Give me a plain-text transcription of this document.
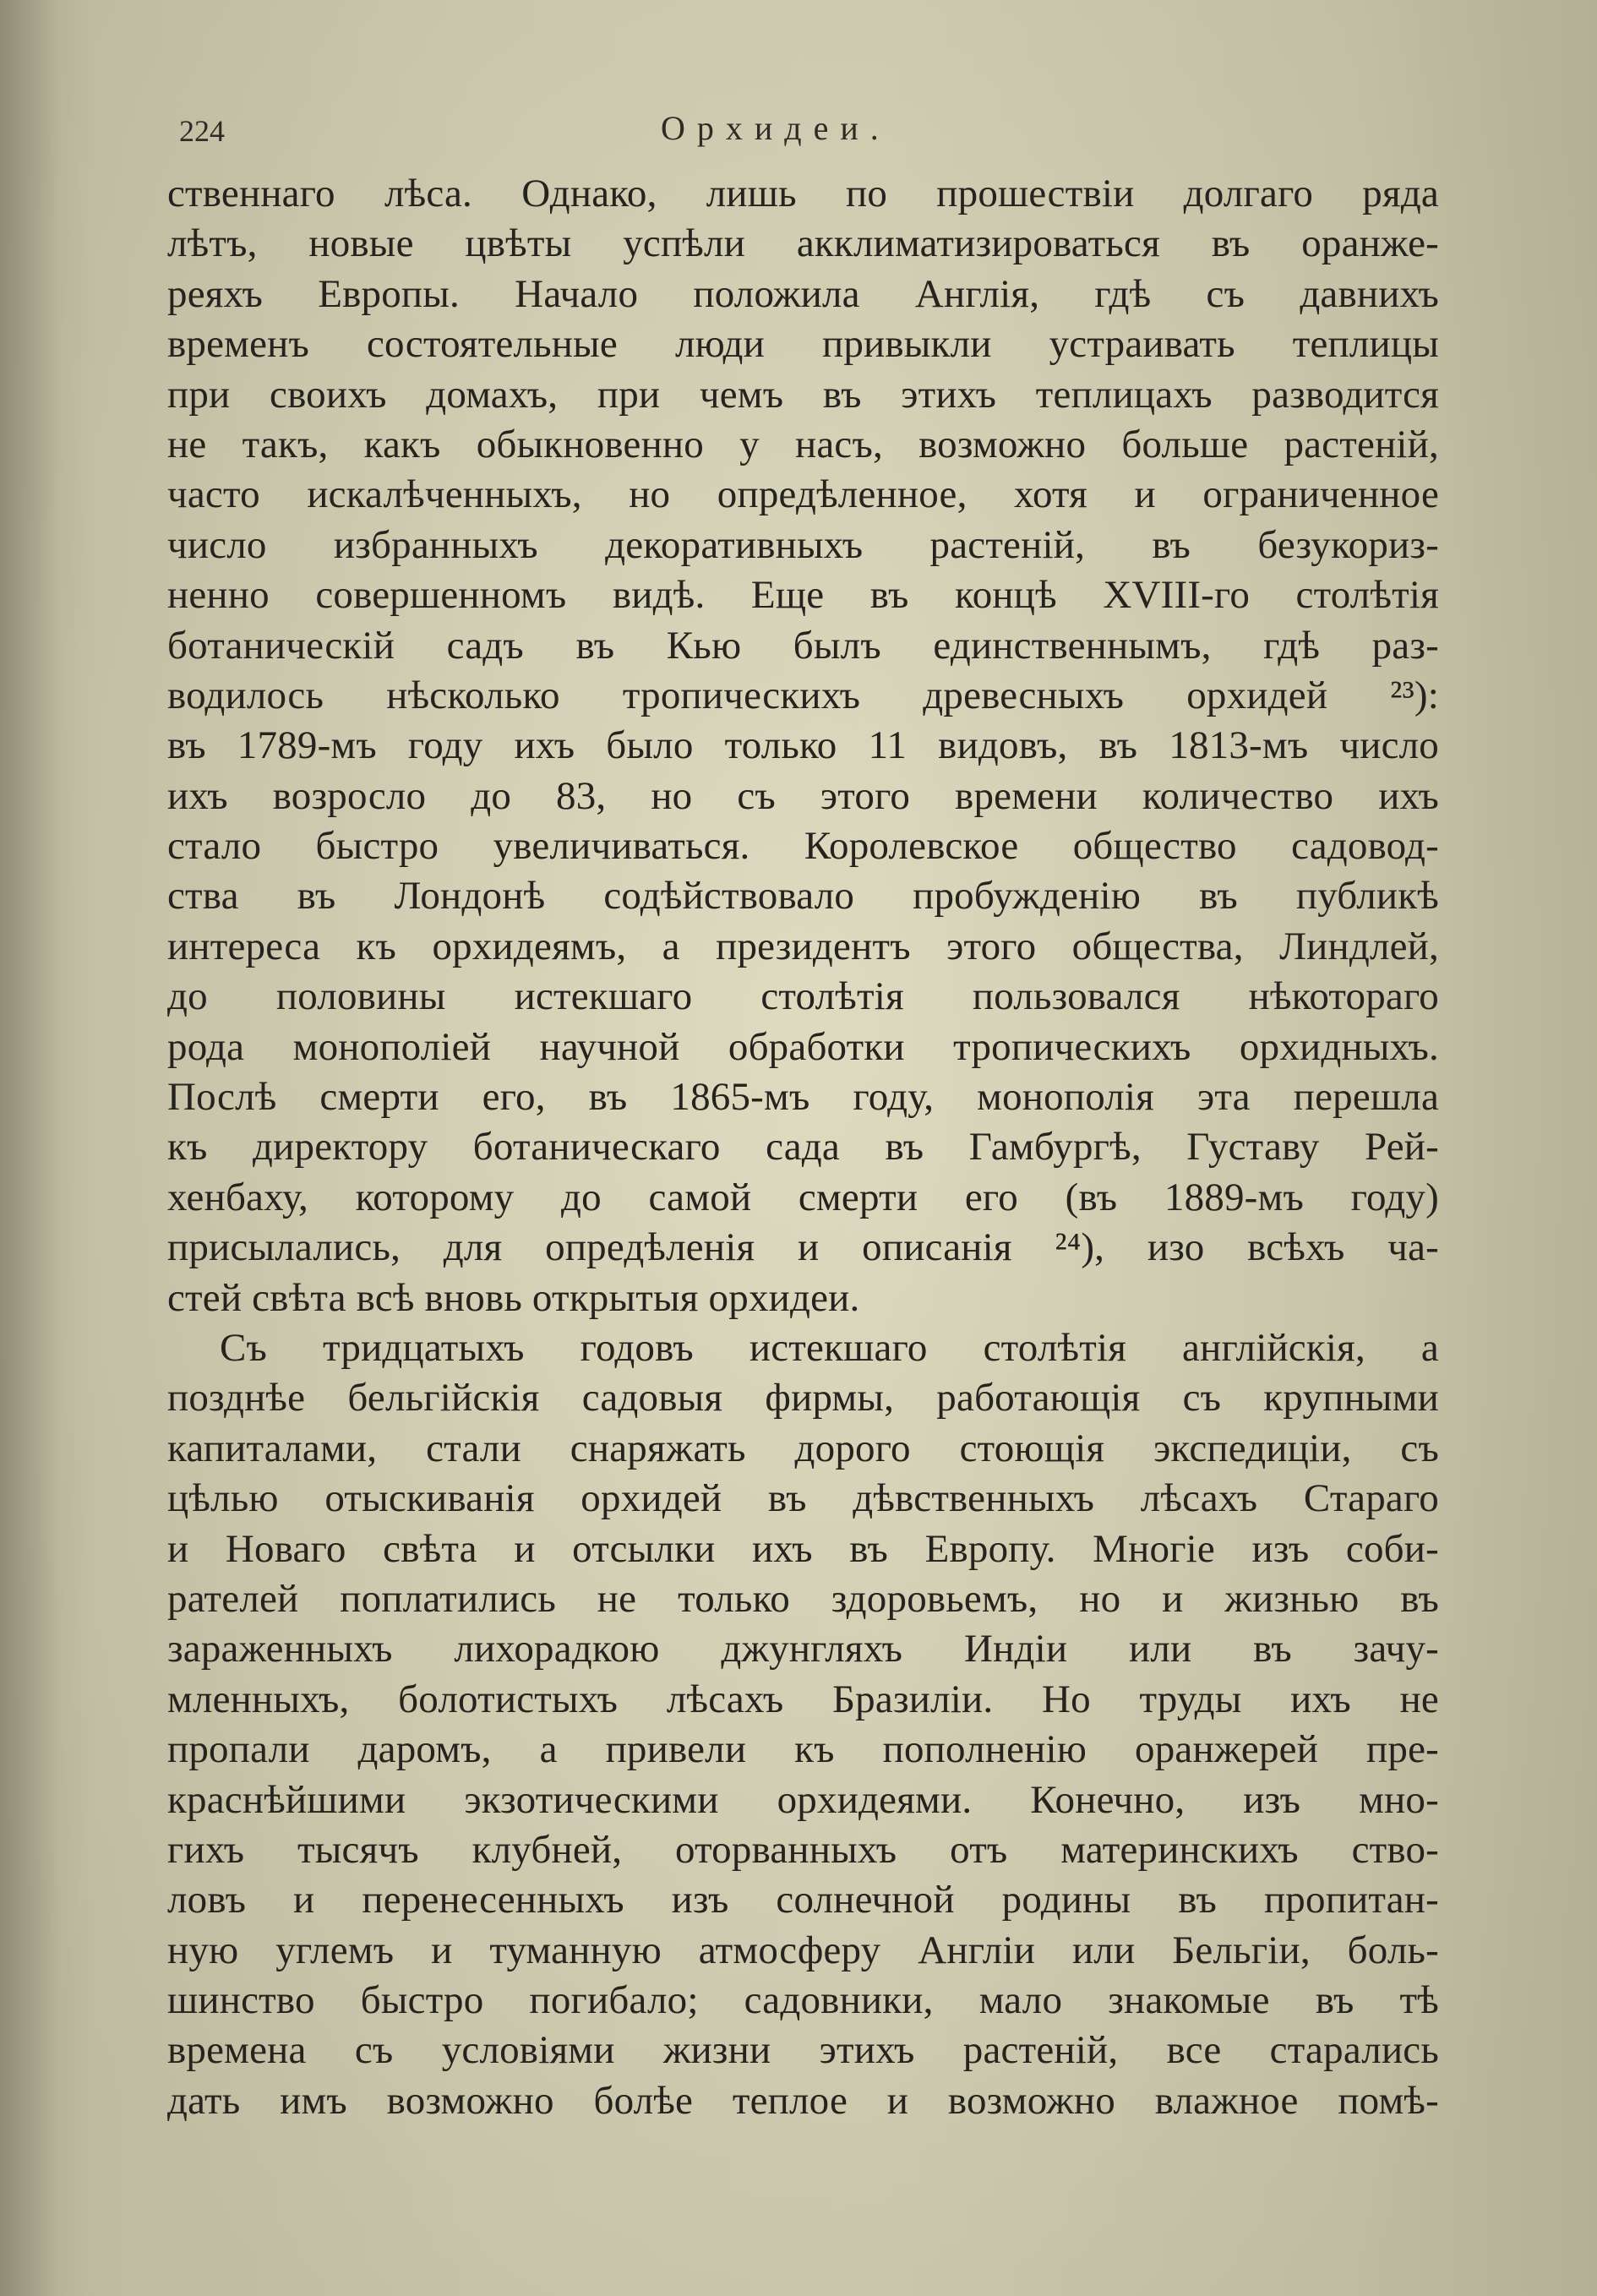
224	Орхидеи.
ственнаго лѣса. Однако, лишь по прошествіи долгаго ряда
лѣтъ, новые цвѣты успѣли акклиматизироваться въ оранже-
реяхъ Европы. Начало положила Англія, гдѣ съ давнихъ
временъ состоятельные люди привыкли устраивать теплицы
при своихъ домахъ, при чемъ въ этихъ теплицахъ разводится
не такъ, какъ обыкновенно у насъ, возможно больше растеній,
часто искалѣченныхъ, но опредѣленное, хотя и ограниченное
число избранныхъ декоративныхъ растеній, въ безукориз-
ненно совершенномъ видѣ. Еще въ концѣ XVIII-го столѣтія
ботаническій садъ въ Кью былъ единственнымъ, гдѣ раз-
водилось нѣсколько тропическихъ древесныхъ орхидей ²³):
въ 1789-мъ году ихъ было только 11 видовъ, въ 1813-мъ число
ихъ возросло до 83, но съ этого времени количество ихъ
стало быстро увеличиваться. Королевское общество садовод-
ства въ Лондонѣ содѣйствовало пробужденію въ публикѣ
интереса къ орхидеямъ, а президентъ этого общества, Линдлей,
до половины истекшаго столѣтія пользовался нѣкотораго
рода монополіей научной обработки тропическихъ орхидныхъ.
Послѣ смерти его, въ 1865-мъ году, монополія эта перешла
къ директору ботаническаго сада въ Гамбургѣ, Густаву Рей-
хенбаху, которому до самой смерти его (въ 1889-мъ году)
присылались, для опредѣленія и описанія ²⁴), изо всѣхъ ча-
стей свѣта всѣ вновь открытыя орхидеи.
Съ тридцатыхъ годовъ истекшаго столѣтія англійскія, а
позднѣе бельгійскія садовыя фирмы, работающія съ крупными
капиталами, стали снаряжать дорого стоющія экспедиціи, съ
цѣлью отыскиванія орхидей въ дѣвственныхъ лѣсахъ Стараго
и Новаго свѣта и отсылки ихъ въ Европу. Многіе изъ соби-
рателей поплатились не только здоровьемъ, но и жизнью въ
зараженныхъ лихорадкою джунгляхъ Индіи или въ зачу-
мленныхъ, болотистыхъ лѣсахъ Бразиліи. Но труды ихъ не
пропали даромъ, а привели къ пополненію оранжерей пре-
краснѣйшими экзотическими орхидеями. Конечно, изъ мно-
гихъ тысячъ клубней, оторванныхъ отъ материнскихъ ство-
ловъ и перенесенныхъ изъ солнечной родины въ пропитан-
ную углемъ и туманную атмосферу Англіи или Бельгіи, боль-
шинство быстро погибало; садовники, мало знакомые въ тѣ
времена съ условіями жизни этихъ растеній, все старались
дать имъ возможно болѣе теплое и возможно влажное помѣ-
